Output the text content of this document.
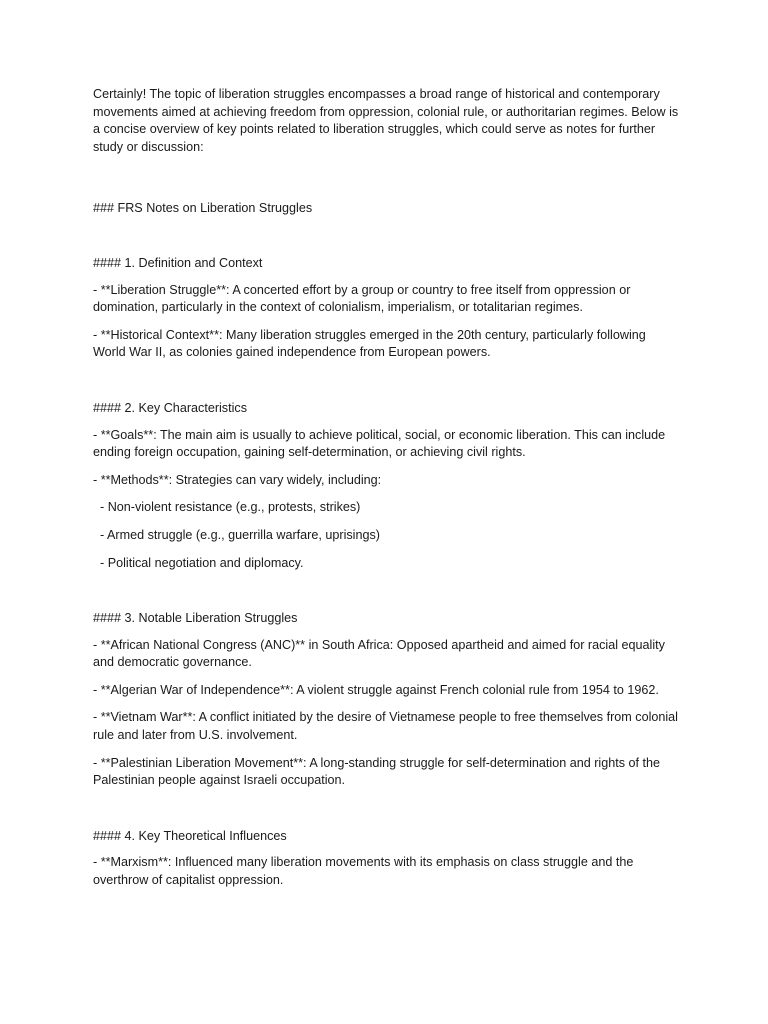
Certainly! The topic of liberation struggles encompasses a broad range of historical and contemporary movements aimed at achieving freedom from oppression, colonial rule, or authoritarian regimes. Below is a concise overview of key points related to liberation struggles, which could serve as notes for further study or discussion:

### FRS Notes on Liberation Struggles

#### 1. Definition and Context

- **Liberation Struggle**: A concerted effort by a group or country to free itself from oppression or domination, particularly in the context of colonialism, imperialism, or totalitarian regimes.

- **Historical Context**: Many liberation struggles emerged in the 20th century, particularly following World War II, as colonies gained independence from European powers.

#### 2. Key Characteristics

- **Goals**: The main aim is usually to achieve political, social, or economic liberation. This can include ending foreign occupation, gaining self-determination, or achieving civil rights.

- **Methods**: Strategies can vary widely, including:

- Non-violent resistance (e.g., protests, strikes)

- Armed struggle (e.g., guerrilla warfare, uprisings)

- Political negotiation and diplomacy.

#### 3. Notable Liberation Struggles

- **African National Congress (ANC)** in South Africa: Opposed apartheid and aimed for racial equality and democratic governance.

- **Algerian War of Independence**: A violent struggle against French colonial rule from 1954 to 1962.

- **Vietnam War**: A conflict initiated by the desire of Vietnamese people to free themselves from colonial rule and later from U.S. involvement.

- **Palestinian Liberation Movement**: A long-standing struggle for self-determination and rights of the Palestinian people against Israeli occupation.

#### 4. Key Theoretical Influences

- **Marxism**: Influenced many liberation movements with its emphasis on class struggle and the overthrow of capitalist oppression.
